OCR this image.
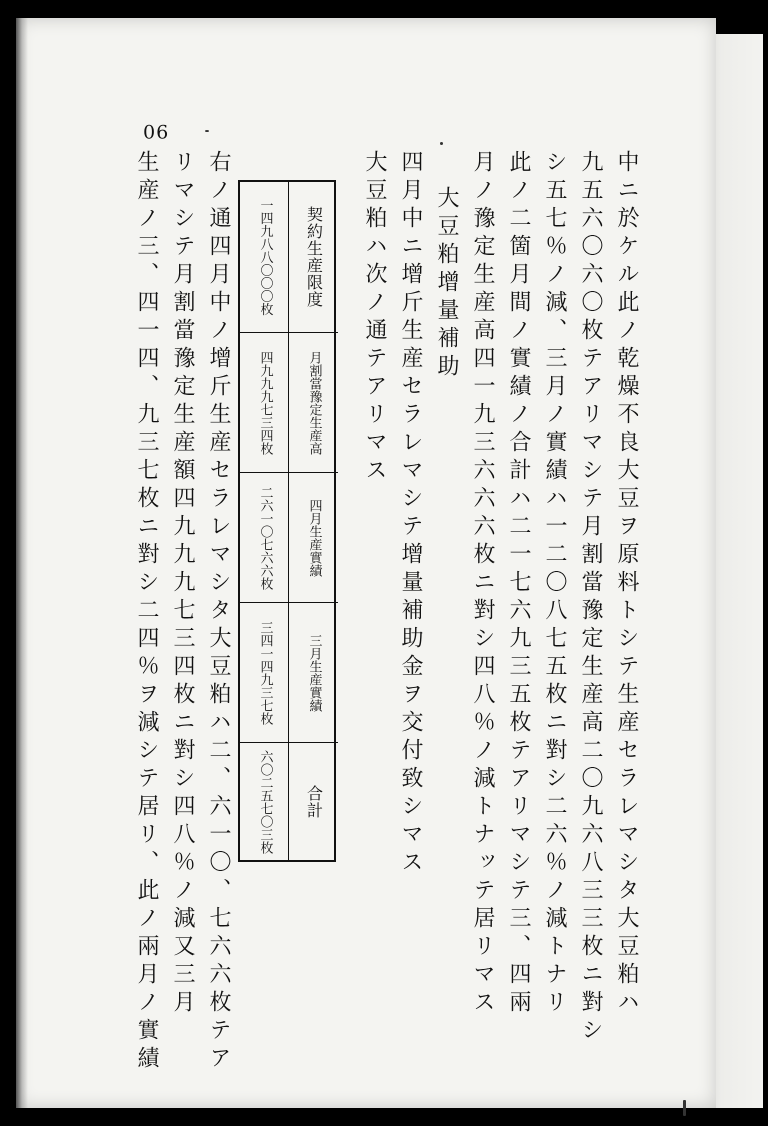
90
中ニ於ケル此ノ乾燥不良大豆ヲ原料トシテ生産セラレマシタ大豆粕ハ
九五六〇六〇枚テアリマシテ月割當豫定生産高二〇九六八三三枚ニ對シ
シ五七％ノ減、三月ノ實績ハ一二〇八七五枚ニ對シ二六％ノ減トナリ
此ノ二箇月間ノ實績ノ合計ハ二一七六九三五枚テアリマシテ三、四兩
月ノ豫定生産高四一九三六六六枚ニ對シ四八％ノ減トナッテ居リマス
大豆粕增量補助
四月中ニ增斤生産セラレマシテ增量補助金ヲ交付致シマス
大豆粕ハ次ノ通テアリマス
契約生産限度
月割當豫定生産高
四月生産實績
三月生産實績
合計
一四九八八〇〇〇枚
四九九九七三四枚
二六一〇七六六枚
三四一四九三七枚
六〇二五七〇三枚
右ノ通四月中ノ增斤生産セラレマシタ大豆粕ハ二、六一〇、七六六枚テア
リマシテ月割當豫定生産額四九九九七三四枚ニ對シ四八％ノ減又三月
生産ノ三、四一四、九三七枚ニ對シ二四％ヲ減シテ居リ、此ノ兩月ノ實績
